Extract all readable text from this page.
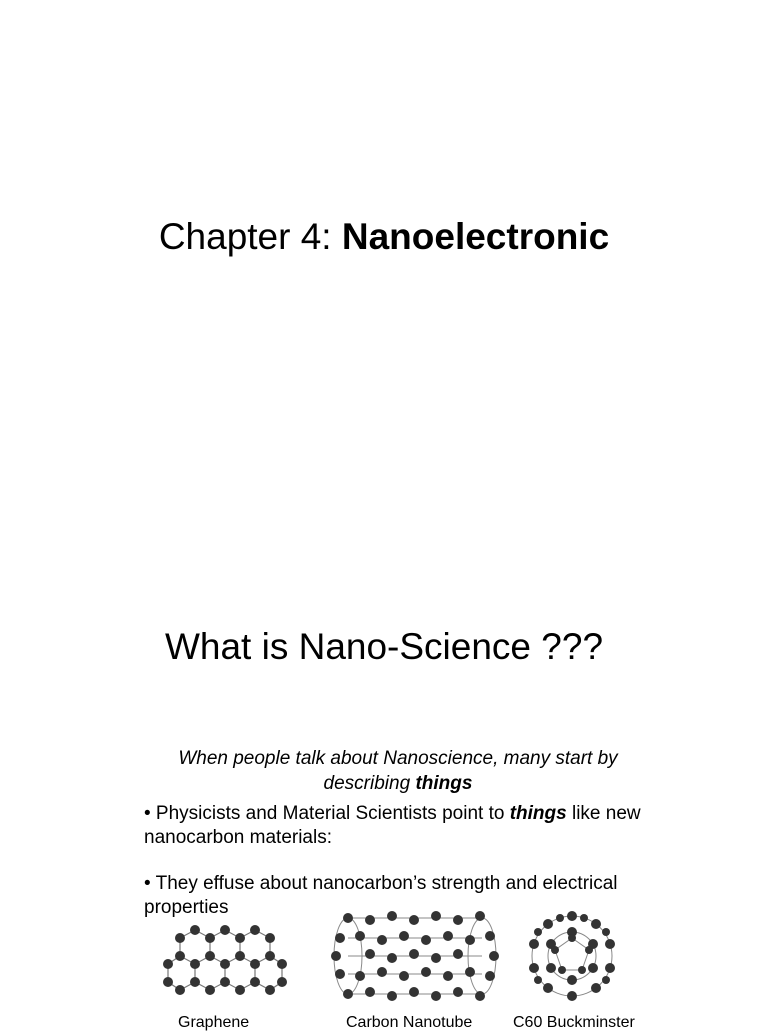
Chapter 4: Nanoelectronic
What is Nano-Science ???
When people talk about Nanoscience, many start by describing things
• Physicists and Material Scientists point to things like new nanocarbon materials:
• They effuse about nanocarbon’s strength and electrical properties
Graphene	Carbon Nanotube	C60 Buckminster
